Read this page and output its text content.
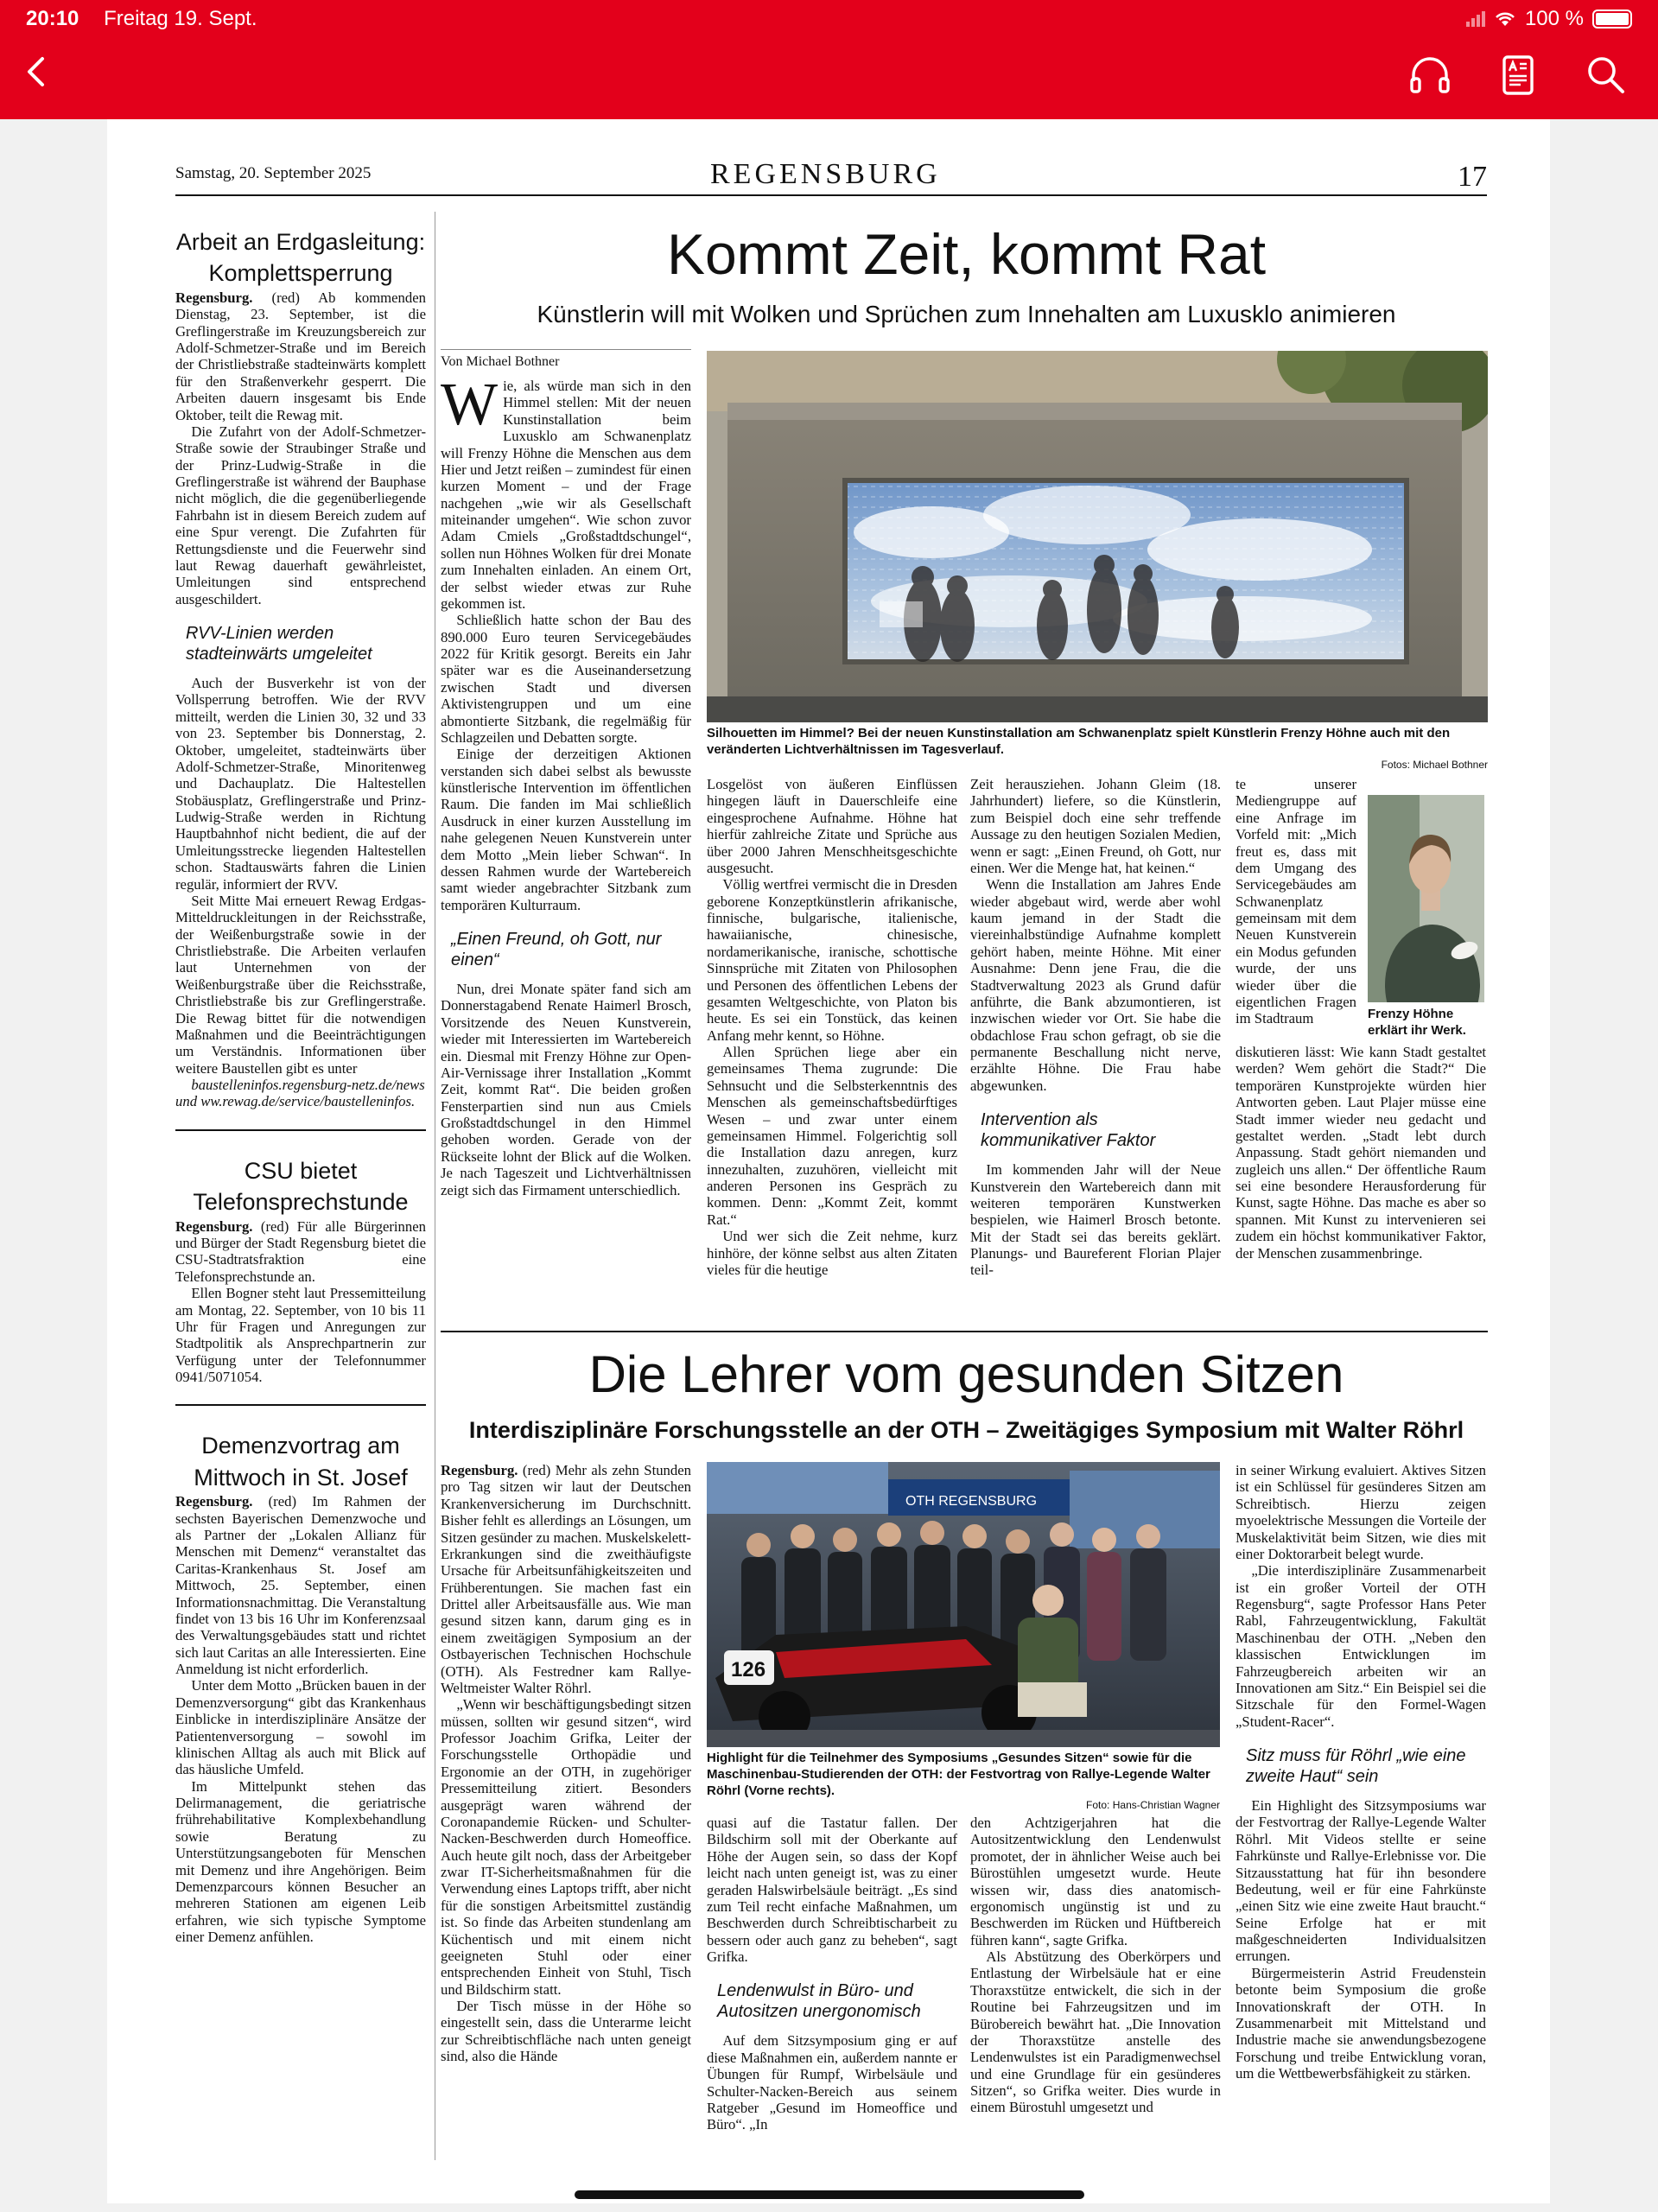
20:10 Freitag 19. Sept.	100 %
Samstag, 20. September 2025	REGENSBURG	17
Arbeit an Erdgasleitung: Komplettsperrung

Regensburg. (red) Ab kommenden Dienstag, 23. September, ist die Greflingerstraße im Kreuzungsbereich zur Adolf-Schmetzer-Straße und im Bereich der Christliebstraße stadteinwärts komplett für den Straßenverkehr gesperrt. Die Arbeiten dauern insgesamt bis Ende Oktober, teilt die Rewag mit.

Die Zufahrt von der Adolf-Schmetzer-Straße sowie der Straubinger Straße und der Prinz-Ludwig-Straße in die Greflingerstraße ist während der Bauphase nicht möglich, die die gegenüberliegende Fahrbahn ist in diesem Bereich zudem auf eine Spur verengt. Die Zufahrten für Rettungsdienste und die Feuerwehr sind laut Rewag dauerhaft gewährleistet, Umleitungen sind entsprechend ausgeschildert.

RVV-Linien werden stadteinwärts umgeleitet

Auch der Busverkehr ist von der Vollsperrung betroffen. Wie der RVV mitteilt, werden die Linien 30, 32 und 33 von 23. September bis Donnerstag, 2. Oktober, umgeleitet, stadteinwärts über Adolf-Schmetzer-Straße, Minoritenweg und Dachauplatz. Die Haltestellen Stobäusplatz, Greflingerstraße und Prinz-Ludwig-Straße werden in Richtung Hauptbahnhof nicht bedient, die auf der Umleitungsstrecke liegenden Haltestellen schon. Stadtauswärts fahren die Linien regulär, informiert der RVV.

Seit Mitte Mai erneuert Rewag Erdgas-Mitteldruckleitungen in der Reichsstraße, der Weißenburgstraße sowie in der Christliebstraße. Die Arbeiten verlaufen laut Unternehmen von der Weißenburgstraße über die Reichsstraße, Christliebstraße bis zur Greflingerstraße. Die Rewag bittet für die notwendigen Maßnahmen und die Beeinträchtigungen um Verständnis. Informationen über weitere Baustellen gibt es unter

baustelleninfos.regensburg-netz.de/news und ww.rewag.de/service/baustelleninfos.

CSU bietet Telefonsprechstunde

Regensburg. (red) Für alle Bürgerinnen und Bürger der Stadt Regensburg bietet die CSU-Stadtratsfraktion eine Telefonsprechstunde an.

Ellen Bogner steht laut Pressemitteilung am Montag, 22. September, von 10 bis 11 Uhr für Fragen und Anregungen zur Stadtpolitik als Ansprechpartnerin zur Verfügung unter der Telefonnummer 0941/5071054.

Demenzvortrag am Mittwoch in St. Josef

Regensburg. (red) Im Rahmen der sechsten Bayerischen Demenzwoche und als Partner der „Lokalen Allianz für Menschen mit Demenz“ veranstaltet das Caritas-Krankenhaus St. Josef am Mittwoch, 25. September, einen Informationsnachmittag. Die Veranstaltung findet von 13 bis 16 Uhr im Konferenzsaal des Verwaltungsgebäudes statt und richtet sich laut Caritas an alle Interessierten. Eine Anmeldung ist nicht erforderlich.

Unter dem Motto „Brücken bauen in der Demenzversorgung“ gibt das Krankenhaus Einblicke in interdisziplinäre Ansätze der Patientenversorgung – sowohl im klinischen Alltag als auch mit Blick auf das häusliche Umfeld.

Im Mittelpunkt stehen das Delirmanagement, die geriatrische frührehabilitative Komplexbehandlung sowie Beratung zu Unterstützungsangeboten für Menschen mit Demenz und ihre Angehörigen. Beim Demenzparcours können Besucher an mehreren Stationen am eigenen Leib erfahren, wie sich typische Symptome einer Demenz anfühlen.

Kommt Zeit, kommt Rat
Künstlerin will mit Wolken und Sprüchen zum Innehalten am Luxusklo animieren
Von Michael Bothner

Wie, als würde man sich in den Himmel stellen: Mit der neuen Kunstinstallation beim Luxusklo am Schwanenplatz will Frenzy Höhne die Menschen aus dem Hier und Jetzt reißen – zumindest für einen kurzen Moment – und der Frage nachgehen „wie wir als Gesellschaft miteinander umgehen“. Wie schon zuvor Adam Cmiels „Großstadtdschungel“, sollen nun Höhnes Wolken für drei Monate zum Innehalten einladen. An einem Ort, der selbst wieder etwas zur Ruhe gekommen ist.

Schließlich hatte schon der Bau des 890.000 Euro teuren Servicegebäudes 2022 für Kritik gesorgt. Bereits ein Jahr später war es die Auseinandersetzung zwischen Stadt und diversen Aktivistengruppen und um eine abmontierte Sitzbank, die regelmäßig für Schlagzeilen und Debatten sorgte.

Einige der derzeitigen Aktionen verstanden sich dabei selbst als bewusste künstlerische Intervention im öffentlichen Raum. Die fanden im Mai schließlich Ausdruck in einer kurzen Ausstellung im nahe gelegenen Neuen Kunstverein unter dem Motto „Mein lieber Schwan“. In dessen Rahmen wurde der Wartebereich samt wieder angebrachter Sitzbank zum temporären Kulturraum.

„Einen Freund, oh Gott, nur einen“

Nun, drei Monate später fand sich am Donnerstagabend Renate Haimerl Brosch, Vorsitzende des Neuen Kunstverein, wieder mit Interessierten im Wartebereich ein. Diesmal mit Frenzy Höhne zur Open-Air-Vernissage ihrer Installation „Kommt Zeit, kommt Rat“. Die beiden großen Fensterpartien sind nun aus Cmiels Großstadtdschungel in den Himmel gehoben worden. Gerade von der Rückseite lohnt der Blick auf die Wolken. Je nach Tageszeit und Lichtverhältnissen zeigt sich das Firmament unterschiedlich.

Silhouetten im Himmel? Bei der neuen Kunstinstallation am Schwanenplatz spielt Künstlerin Frenzy Höhne auch mit den veränderten Lichtverhältnissen im Tagesverlauf.
Fotos: Michael Bothner

Losgelöst von äußeren Einflüssen hingegen läuft in Dauerschleife eine eingesprochene Aufnahme. Höhne hat hierfür zahlreiche Zitate und Sprüche aus über 2000 Jahren Menschheitsgeschichte ausgesucht.

Völlig wertfrei vermischt die in Dresden geborene Konzeptkünstlerin afrikanische, finnische, bulgarische, italienische, hawaiianische, chinesische, nordamerikanische, iranische, schottische Sinnsprüche mit Zitaten von Philosophen und Personen des öffentlichen Lebens der gesamten Weltgeschichte, von Platon bis heute. Es sei ein Tonstück, das keinen Anfang mehr kennt, so Höhne.

Allen Sprüchen liege aber ein gemeinsames Thema zugrunde: Die Sehnsucht und die Selbsterkenntnis des Menschen als gemeinschaftsbedürftiges Wesen – und zwar unter einem gemeinsamen Himmel. Folgerichtig soll die Installation dazu anregen, kurz innezuhalten, zuzuhören, vielleicht mit anderen Personen ins Gespräch zu kommen. Denn: „Kommt Zeit, kommt Rat.“

Und wer sich die Zeit nehme, kurz hinhöre, der könne selbst aus alten Zitaten vieles für die heutige

Zeit herausziehen. Johann Gleim (18. Jahrhundert) liefere, so die Künstlerin, zum Beispiel doch eine sehr treffende Aussage zu den heutigen Sozialen Medien, wenn er sagt: „Einen Freund, oh Gott, nur einen. Wer die Menge hat, hat keinen.“

Wenn die Installation am Jahres Ende wieder abgebaut wird, werde aber wohl kaum jemand in der Stadt die viereinhalbstündige Aufnahme komplett gehört haben, meinte Höhne. Mit einer Ausnahme: Denn jene Frau, die die Stadtverwaltung 2023 als Grund dafür anführte, die Bank abzumontieren, ist inzwischen wieder vor Ort. Sie habe die obdachlose Frau schon gefragt, ob sie die permanente Beschallung nicht nerve, erzählte Höhne. Die Frau habe abgewunken.

Intervention als kommunikativer Faktor

Im kommenden Jahr will der Neue Kunstverein den Wartebereich dann mit weiteren temporären Kunstwerken bespielen, wie Haimerl Brosch betonte. Mit der Stadt sei das bereits geklärt. Planungs- und Baureferent Florian Plajer teil-

Frenzy Höhne erklärt ihr Werk.

te unserer Mediengruppe auf eine Anfrage im Vorfeld mit: „Mich freut es, dass mit dem Umgang des Servicegebäudes am Schwanenplatz gemeinsam mit dem Neuen Kunstverein ein Modus gefunden wurde, der uns wieder über die eigentlichen Fragen im Stadtraum

diskutieren lässt: Wie kann Stadt gestaltet werden? Wem gehört die Stadt?“ Die temporären Kunstprojekte würden hier Antworten geben. Laut Plajer müsse eine Stadt immer wieder neu gedacht und gestaltet werden. „Stadt lebt durch Anpassung. Stadt gehört niemanden und zugleich uns allen.“ Der öffentliche Raum sei eine besondere Herausforderung für Kunst, sagte Höhne. Das mache es aber so spannen. Mit Kunst zu intervenieren sei zudem ein höchst kommunikativer Faktor, der Menschen zusammenbringe.

Die Lehrer vom gesunden Sitzen
Interdisziplinäre Forschungsstelle an der OTH – Zweitägiges Symposium mit Walter Röhrl
OTH REGENSBURG
126
Highlight für die Teilnehmer des Symposiums „Gesundes Sitzen“ sowie für die Maschinenbau-Studierenden der OTH: der Festvortrag von Rallye-Legende Walter Röhrl (Vorne rechts).
Foto: Hans-Christian Wagner

Regensburg. (red) Mehr als zehn Stunden pro Tag sitzen wir laut der Deutschen Krankenversicherung im Durchschnitt. Bisher fehlt es allerdings an Lösungen, um Sitzen gesünder zu machen. Muskelskelett-Erkrankungen sind die zweithäufigste Ursache für Arbeitsunfähigkeitszeiten und Frühberentungen. Sie machen fast ein Drittel aller Arbeitsausfälle aus. Wie man gesund sitzen kann, darum ging es in einem zweitägigen Symposium an der Ostbayerischen Technischen Hochschule (OTH). Als Festredner kam Rallye-Weltmeister Walter Röhrl.

„Wenn wir beschäftigungsbedingt sitzen müssen, sollten wir gesund sitzen“, wird Professor Joachim Grifka, Leiter der Forschungsstelle Orthopädie und Ergonomie an der OTH, in zugehöriger Pressemitteilung zitiert. Besonders ausgeprägt waren während der Coronapandemie Rücken- und Schulter-Nacken-Beschwerden durch Homeoffice. Auch heute gilt noch, dass der Arbeitgeber zwar IT-Sicherheitsmaßnahmen für die Verwendung eines Laptops trifft, aber nicht für die sonstigen Arbeitsmittel zuständig ist. So finde das Arbeiten stundenlang am Küchentisch und mit einem nicht geeigneten Stuhl oder einer entsprechenden Einheit von Stuhl, Tisch und Bildschirm statt.

Der Tisch müsse in der Höhe so eingestellt sein, dass die Unterarme leicht zur Schreibtischfläche nach unten geneigt sind, also die Hände

quasi auf die Tastatur fallen. Der Bildschirm soll mit der Oberkante auf Höhe der Augen sein, so dass der Kopf leicht nach unten geneigt ist, was zu einer geraden Halswirbelsäule beiträgt. „Es sind zum Teil recht einfache Maßnahmen, um Beschwerden durch Schreibtischarbeit zu bessern oder auch ganz zu beheben“, sagt Grifka.

Lendenwulst in Büro- und Autositzen unergonomisch

Auf dem Sitzsymposium ging er auf diese Maßnahmen ein, außerdem nannte er Übungen für Rumpf, Wirbelsäule und Schulter-Nacken-Bereich aus seinem Ratgeber „Gesund im Homeoffice und Büro“. „In

den Achtzigerjahren hat die Autositzentwicklung den Lendenwulst promotet, der in ähnlicher Weise auch bei Bürostühlen umgesetzt wurde. Heute wissen wir, dass dies anatomisch-ergonomisch ungünstig ist und zu Beschwerden im Rücken und Hüftbereich führen kann“, sagte Grifka.

Als Abstützung des Oberkörpers und Entlastung der Wirbelsäule hat er eine Thoraxstütze entwickelt, die sich in der Routine bei Fahrzeugsitzen und im Bürobereich bewährt hat. „Die Innovation der Thoraxstütze anstelle des Lendenwulstes ist ein Paradigmenwechsel und eine Grundlage für ein gesünderes Sitzen“, so Grifka weiter. Dies wurde in einem Bürostuhl umgesetzt und

in seiner Wirkung evaluiert. Aktives Sitzen ist ein Schlüssel für gesünderes Sitzen am Schreibtisch. Hierzu zeigen myoelektrische Messungen die Vorteile der Muskelaktivität beim Sitzen, wie dies mit einer Doktorarbeit belegt wurde.

„Die interdisziplinäre Zusammenarbeit ist ein großer Vorteil der OTH Regensburg“, sagte Professor Hans Peter Rabl, Fahrzeugentwicklung, Fakultät Maschinenbau der OTH. „Neben den klassischen Entwicklungen im Fahrzeugbereich arbeiten wir an Innovationen am Sitz.“ Ein Beispiel sei die Sitzschale für den Formel-Wagen „Student-Racer“.

Sitz muss für Röhrl „wie eine zweite Haut“ sein

Ein Highlight des Sitzsymposiums war der Festvortrag der Rallye-Legende Walter Röhrl. Mit Videos stellte er seine Fahrkünste und Rallye-Erlebnisse vor. Die Sitzausstattung hat für ihn besondere Bedeutung, weil er für eine Fahrkünste „einen Sitz wie eine zweite Haut braucht.“ Seine Erfolge hat er mit maßgeschneiderten Individualsitzen errungen.

Bürgermeisterin Astrid Freudenstein betonte beim Symposium die große Innovationskraft der OTH. In Zusammenarbeit mit Mittelstand und Industrie mache sie anwendungsbezogene Forschung und treibe Entwicklung voran, um die Wettbewerbsfähigkeit zu stärken.
